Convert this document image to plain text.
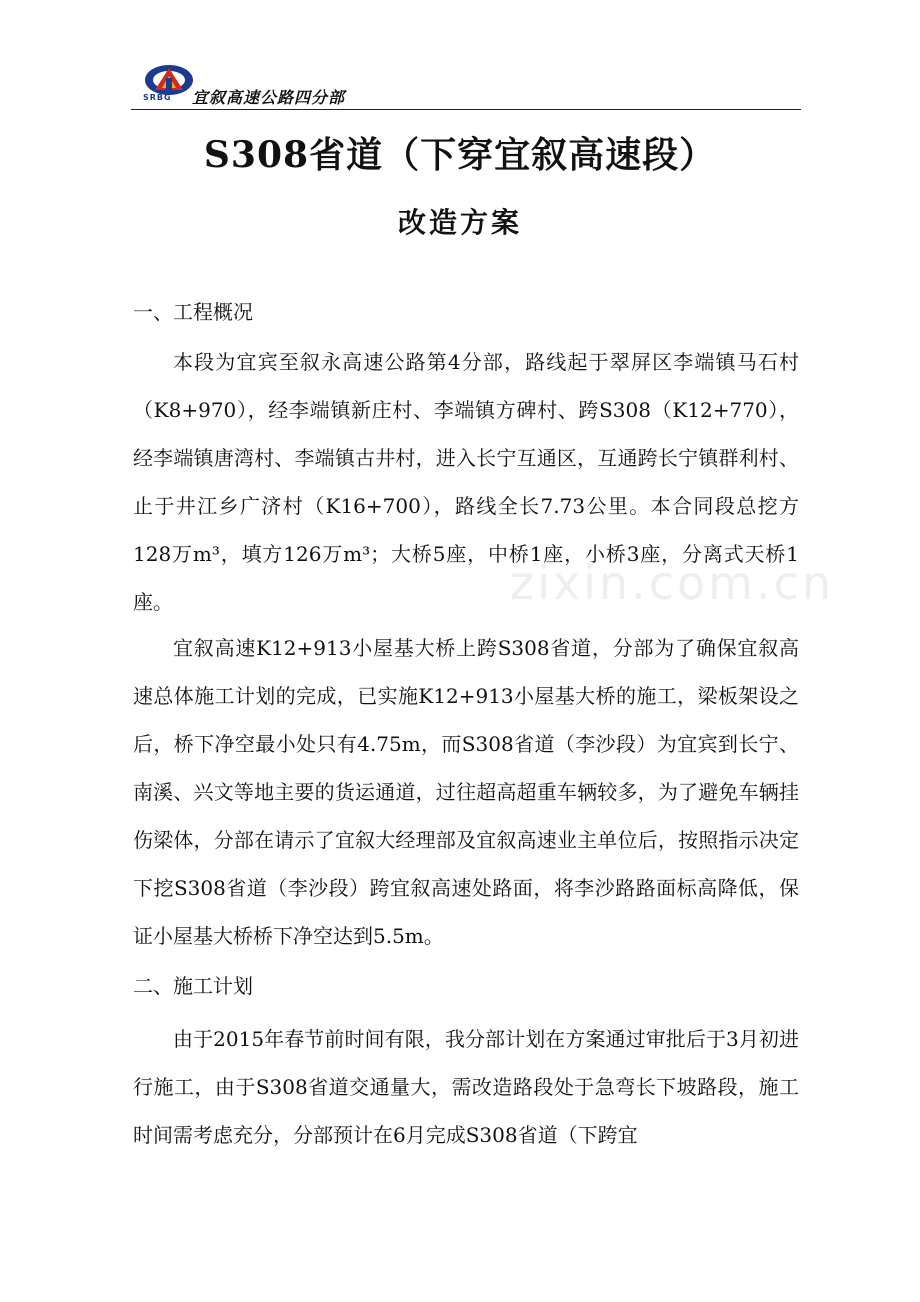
SRBG 宜叙高速公路四分部
S308省道（下穿宜叙高速段）
改造方案
一、工程概况
本段为宜宾至叙永高速公路第4分部，路线起于翠屏区李端镇马石村（K8+970），经李端镇新庄村、李端镇方碑村、跨S308（K12+770），经李端镇唐湾村、李端镇古井村，进入长宁互通区，互通跨长宁镇群利村、止于井江乡广济村（K16+700），路线全长7.73公里。本合同段总挖方128万m³，填方126万m³；大桥5座，中桥1座，小桥3座，分离式天桥1座。
宜叙高速K12+913小屋基大桥上跨S308省道，分部为了确保宜叙高速总体施工计划的完成，已实施K12+913小屋基大桥的施工，梁板架设之后，桥下净空最小处只有4.75m，而S308省道（李沙段）为宜宾到长宁、南溪、兴文等地主要的货运通道，过往超高超重车辆较多，为了避免车辆挂伤梁体，分部在请示了宜叙大经理部及宜叙高速业主单位后，按照指示决定下挖S308省道（李沙段）跨宜叙高速处路面，将李沙路路面标高降低，保证小屋基大桥桥下净空达到5.5m。
二、施工计划
由于2015年春节前时间有限，我分部计划在方案通过审批后于3月初进行施工，由于S308省道交通量大，需改造路段处于急弯长下坡路段，施工时间需考虑充分，分部预计在6月完成S308省道（下跨宜
zixin.com.cn
